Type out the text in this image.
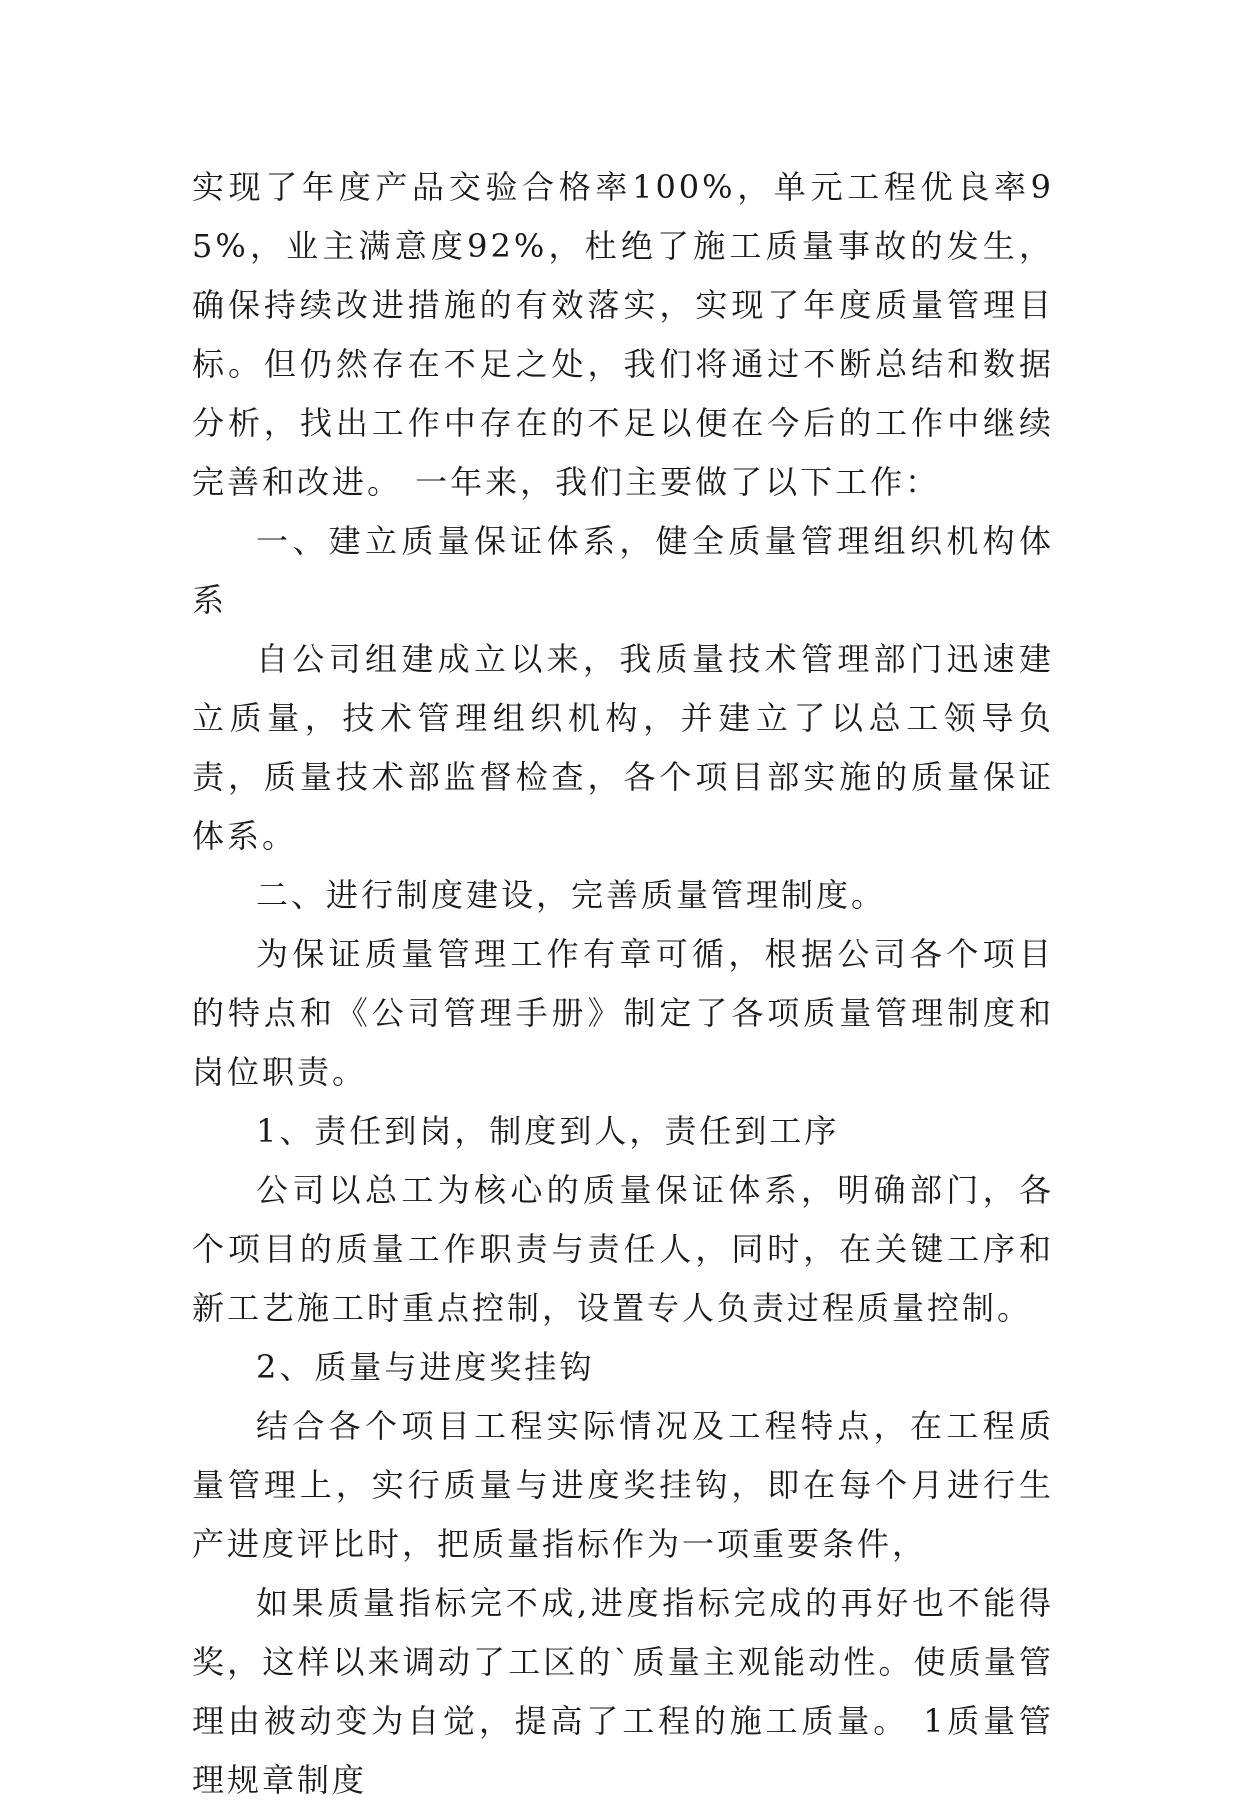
实现了年度产品交验合格率100%，单元工程优良率95%，业主满意度92%，杜绝了施工质量事故的发生，确保持续改进措施的有效落实，实现了年度质量管理目标。但仍然存在不足之处，我们将通过不断总结和数据分析，找出工作中存在的不足以便在今后的工作中继续完善和改进。 一年来，我们主要做了以下工作：

一、建立质量保证体系，健全质量管理组织机构体系

自公司组建成立以来，我质量技术管理部门迅速建立质量，技术管理组织机构，并建立了以总工领导负责，质量技术部监督检查，各个项目部实施的质量保证体系。

二、进行制度建设，完善质量管理制度。

为保证质量管理工作有章可循，根据公司各个项目的特点和《公司管理手册》制定了各项质量管理制度和岗位职责。

1、责任到岗，制度到人，责任到工序

公司以总工为核心的质量保证体系，明确部门，各个项目的质量工作职责与责任人，同时，在关键工序和新工艺施工时重点控制，设置专人负责过程质量控制。

2、质量与进度奖挂钩

结合各个项目工程实际情况及工程特点，在工程质量管理上，实行质量与进度奖挂钩，即在每个月进行生产进度评比时，把质量指标作为一项重要条件，

如果质量指标完不成,进度指标完成的再好也不能得奖，这样以来调动了工区的`质量主观能动性。使质量管理由被动变为自觉，提高了工程的施工质量。 1质量管理规章制度
